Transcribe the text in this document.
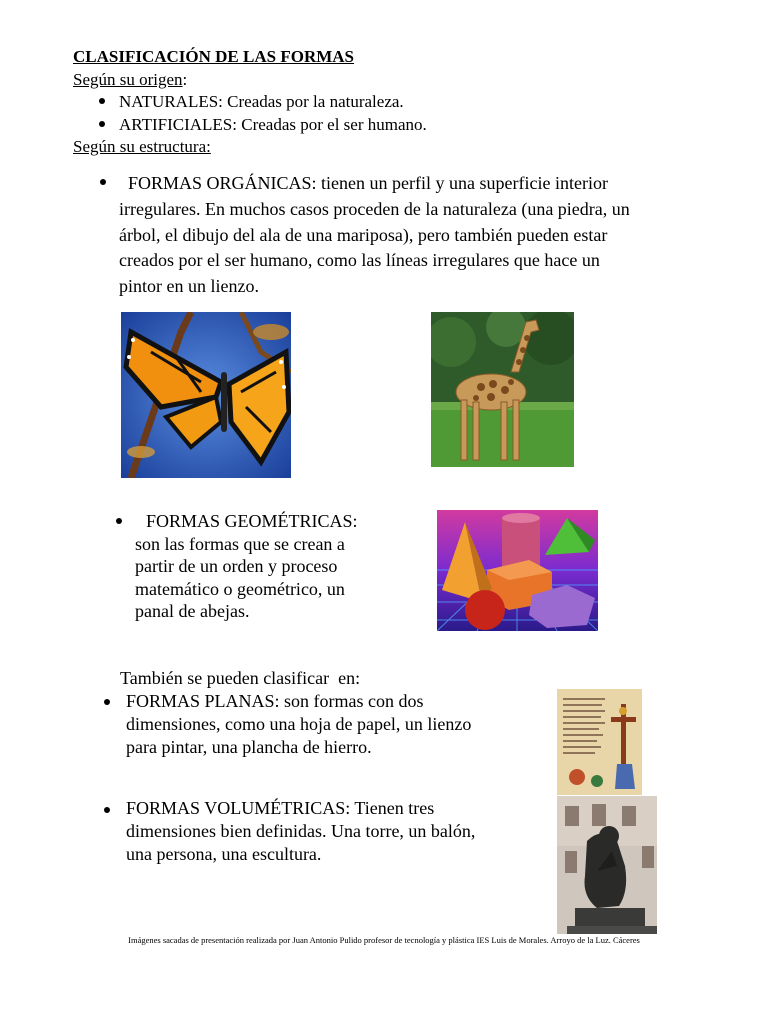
CLASIFICACIÓN DE LAS FORMAS
Según su origen:
NATURALES: Creadas por la naturaleza.
ARTIFICIALES: Creadas por el ser humano.
Según su estructura:
FORMAS ORGÁNICAS: tienen un perfil y una superficie interior
irregulares. En muchos casos proceden de la naturaleza (una piedra, un
árbol, el dibujo del ala de una mariposa), pero también pueden estar
creados por el ser humano, como las líneas irregulares que hace un
pintor en un lienzo.
FORMAS GEOMÉTRICAS:
son las formas que se crean a
partir de un orden y proceso
matemático o geométrico, un
panal de abejas.
También se pueden clasificar  en:
FORMAS PLANAS: son formas con dos
dimensiones, como una hoja de papel, un lienzo
para pintar, una plancha de hierro.
FORMAS VOLUMÉTRICAS: Tienen tres
dimensiones bien definidas. Una torre, un balón,
una persona, una escultura.
Imágenes sacadas de presentación realizada por Juan Antonio Pulido profesor de tecnología y plástica IES Luis de Morales. Arroyo de la Luz. Cáceres
